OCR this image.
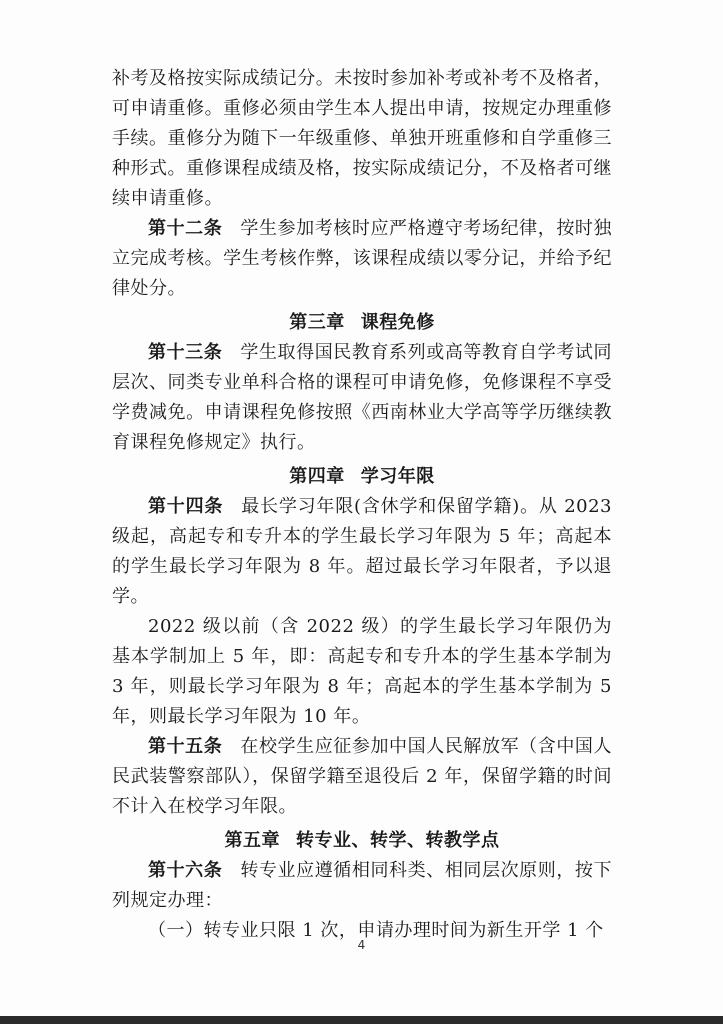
补考及格按实际成绩记分。未按时参加补考或补考不及格者，可申请重修。重修必须由学生本人提出申请，按规定办理重修手续。重修分为随下一年级重修、单独开班重修和自学重修三种形式。重修课程成绩及格，按实际成绩记分，不及格者可继续申请重修。

第十二条 学生参加考核时应严格遵守考场纪律，按时独立完成考核。学生考核作弊，该课程成绩以零分记，并给予纪律处分。

第三章 课程免修

第十三条 学生取得国民教育系列或高等教育自学考试同层次、同类专业单科合格的课程可申请免修，免修课程不享受学费减免。申请课程免修按照《西南林业大学高等学历继续教育课程免修规定》执行。

第四章 学习年限

第十四条 最长学习年限(含休学和保留学籍)。从 2023 级起，高起专和专升本的学生最长学习年限为 5 年；高起本的学生最长学习年限为 8 年。超过最长学习年限者，予以退学。

2022 级以前（含 2022 级）的学生最长学习年限仍为基本学制加上 5 年，即：高起专和专升本的学生基本学制为 3 年，则最长学习年限为 8 年；高起本的学生基本学制为 5 年，则最长学习年限为 10 年。

第十五条 在校学生应征参加中国人民解放军（含中国人民武装警察部队），保留学籍至退役后 2 年，保留学籍的时间不计入在校学习年限。

第五章 转专业、转学、转教学点

第十六条 转专业应遵循相同科类、相同层次原则，按下列规定办理：

（一）转专业只限 1 次，申请办理时间为新生开学 1 个

4
